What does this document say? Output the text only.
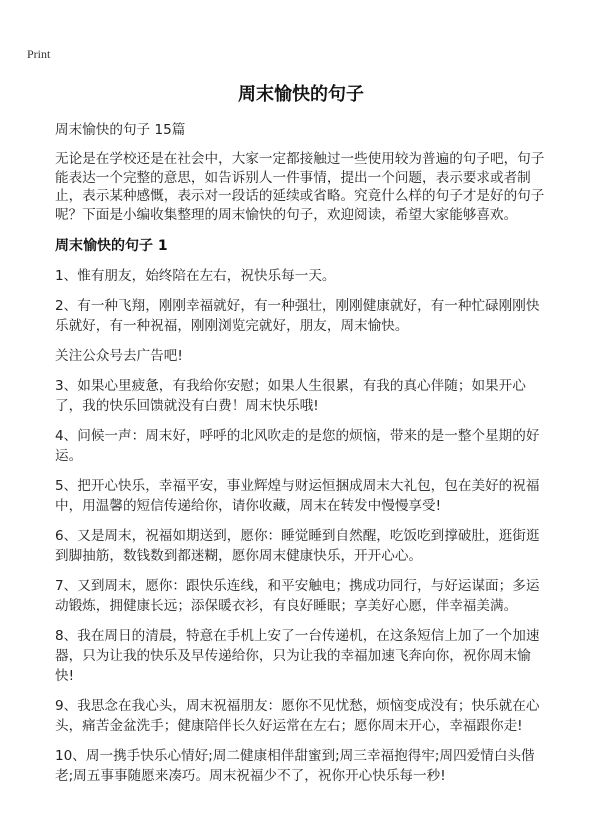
Print
周末愉快的句子

周末愉快的句子 15篇

无论是在学校还是在社会中，大家一定都接触过一些使用较为普遍的句子吧，句子能表达一个完整的意思，如告诉别人一件事情，提出一个问题，表示要求或者制止，表示某种感慨，表示对一段话的延续或省略。究竟什么样的句子才是好的句子呢？下面是小编收集整理的周末愉快的句子，欢迎阅读，希望大家能够喜欢。

周末愉快的句子 1

1、惟有朋友，始终陪在左右，祝快乐每一天。

2、有一种飞翔，刚刚幸福就好，有一种强壮，刚刚健康就好，有一种忙碌刚刚快乐就好，有一种祝福，刚刚浏览完就好，朋友，周末愉快。

关注公众号去广告吧!

3、如果心里疲惫，有我给你安慰；如果人生很累，有我的真心伴随；如果开心了，我的快乐回馈就没有白费！周末快乐哦!

4、问候一声：周末好，呼呼的北风吹走的是您的烦恼，带来的是一整个星期的好运。

5、把开心快乐，幸福平安，事业辉煌与财运恒捆成周末大礼包，包在美好的祝福中，用温馨的短信传递给你，请你收藏，周末在转发中慢慢享受!

6、又是周末，祝福如期送到，愿你：睡觉睡到自然醒，吃饭吃到撑破肚，逛街逛到脚抽筋，数钱数到都迷糊，愿你周末健康快乐，开开心心。

7、又到周末，愿你：跟快乐连线，和平安触电；携成功同行，与好运谋面；多运动锻炼，拥健康长远；添保暖衣衫，有良好睡眠；享美好心愿，伴幸福美满。

8、我在周日的清晨，特意在手机上安了一台传递机，在这条短信上加了一个加速器，只为让我的快乐及早传递给你，只为让我的幸福加速飞奔向你，祝你周末愉快!

9、我思念在我心头，周末祝福朋友：愿你不见忧愁，烦恼变成没有；快乐就在心头，痛苦金盆洗手；健康陪伴长久好运常在左右；愿你周末开心，幸福跟你走!

10、周一携手快乐心情好;周二健康相伴甜蜜到;周三幸福抱得牢;周四爱情白头偕老;周五事事随愿来凑巧。周末祝福少不了，祝你开心快乐每一秒!
